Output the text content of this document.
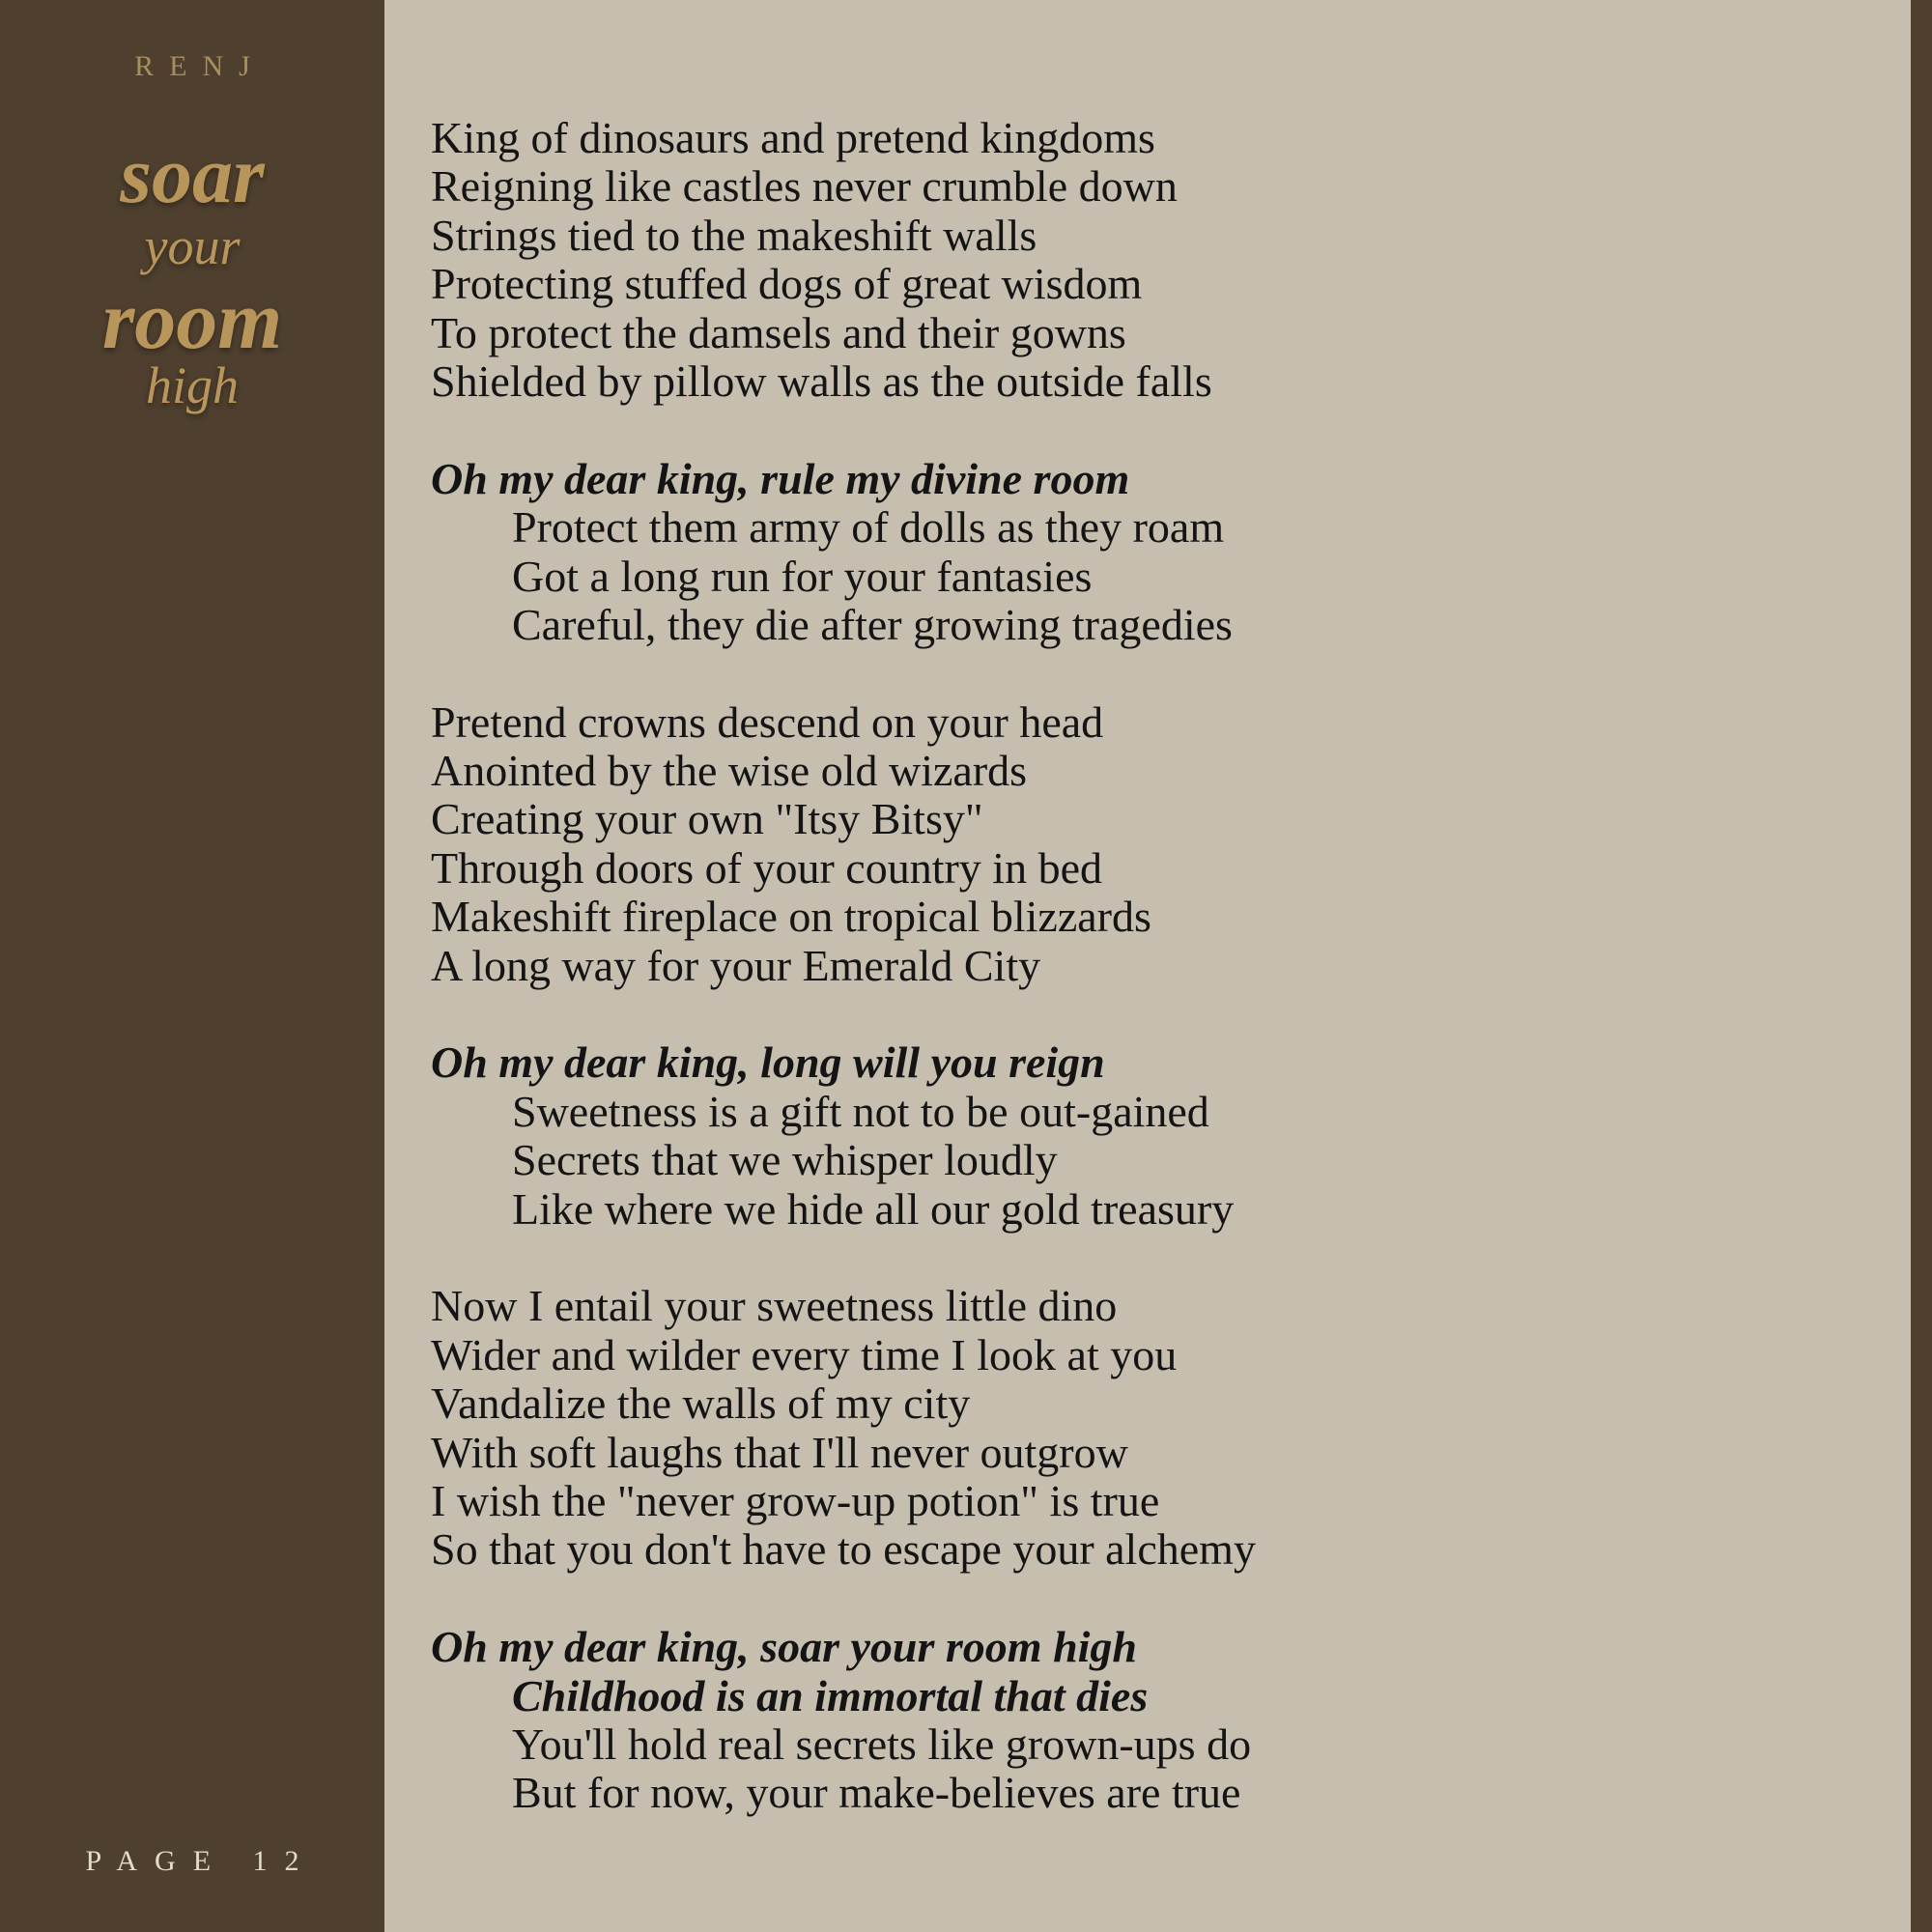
RENJ
soar
your
room
high
PAGE 12
King of dinosaurs and pretend kingdoms
Reigning like castles never crumble down
Strings tied to the makeshift walls
Protecting stuffed dogs of great wisdom
To protect the damsels and their gowns
Shielded by pillow walls as the outside falls
Oh my dear king, rule my divine room
Protect them army of dolls as they roam
Got a long run for your fantasies
Careful, they die after growing tragedies
Pretend crowns descend on your head
Anointed by the wise old wizards
Creating your own "Itsy Bitsy"
Through doors of your country in bed
Makeshift fireplace on tropical blizzards
A long way for your Emerald City
Oh my dear king, long will you reign
Sweetness is a gift not to be out-gained
Secrets that we whisper loudly
Like where we hide all our gold treasury
Now I entail your sweetness little dino
Wider and wilder every time I look at you
Vandalize the walls of my city
With soft laughs that I'll never outgrow
I wish the "never grow-up potion" is true
So that you don't have to escape your alchemy
Oh my dear king, soar your room high
Childhood is an immortal that dies
You'll hold real secrets like grown-ups do
But for now, your make-believes are true
